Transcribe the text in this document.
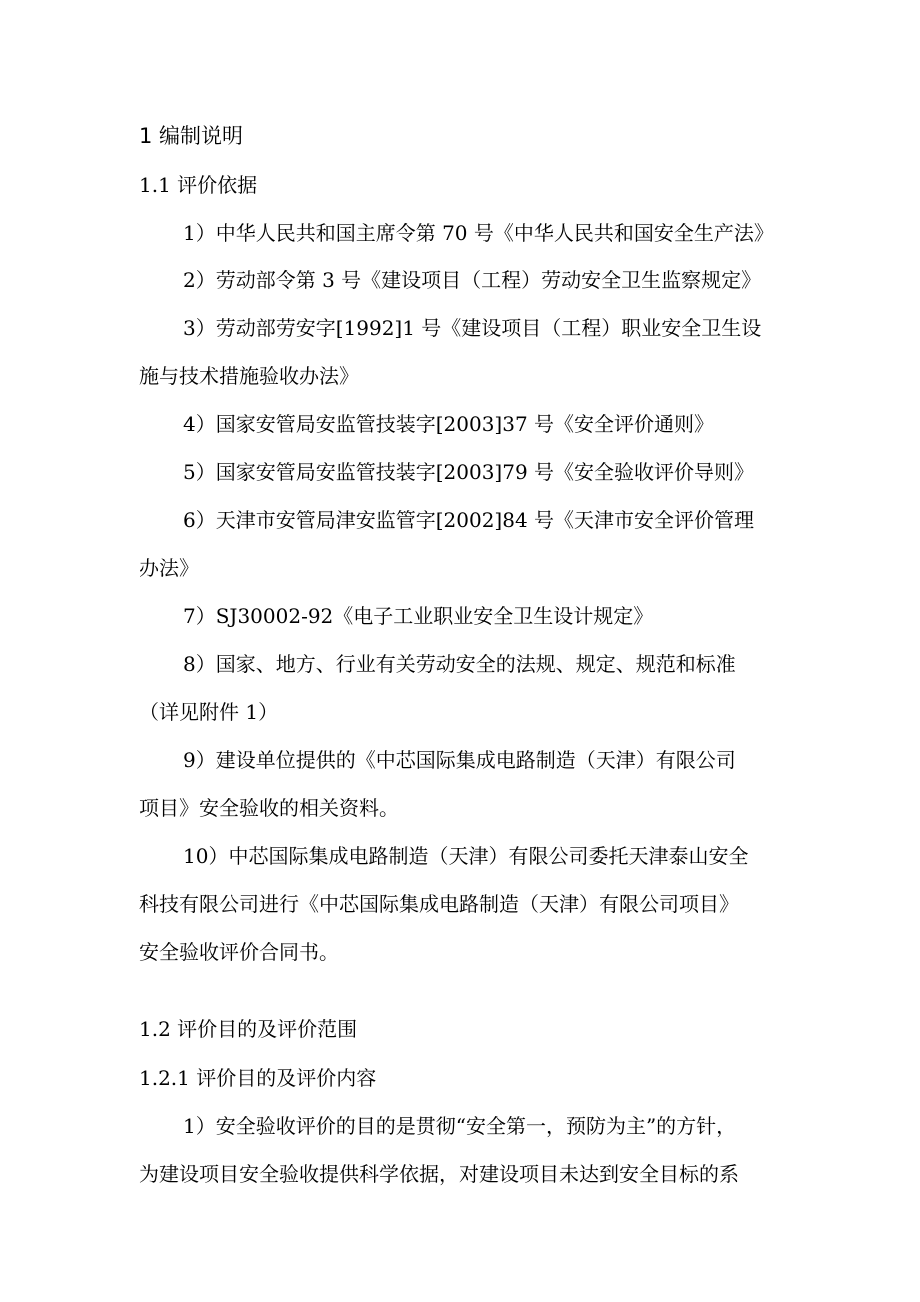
1 编制说明
1.1 评价依据
1）中华人民共和国主席令第 70 号《中华人民共和国安全生产法》
2）劳动部令第 3 号《建设项目（工程）劳动安全卫生监察规定》
3）劳动部劳安字[1992]1 号《建设项目（工程）职业安全卫生设
施与技术措施验收办法》
4）国家安管局安监管技装字[2003]37 号《安全评价通则》
5）国家安管局安监管技装字[2003]79 号《安全验收评价导则》
6）天津市安管局津安监管字[2002]84 号《天津市安全评价管理
办法》
7）SJ30002-92《电子工业职业安全卫生设计规定》
8）国家、地方、行业有关劳动安全的法规、规定、规范和标准
（详见附件 1）
9）建设单位提供的《中芯国际集成电路制造（天津）有限公司
项目》安全验收的相关资料。
10）中芯国际集成电路制造（天津）有限公司委托天津泰山安全
科技有限公司进行《中芯国际集成电路制造（天津）有限公司项目》
安全验收评价合同书。
1.2 评价目的及评价范围
1.2.1 评价目的及评价内容
1）安全验收评价的目的是贯彻“安全第一，预防为主”的方针，
为建设项目安全验收提供科学依据，对建设项目未达到安全目标的系
